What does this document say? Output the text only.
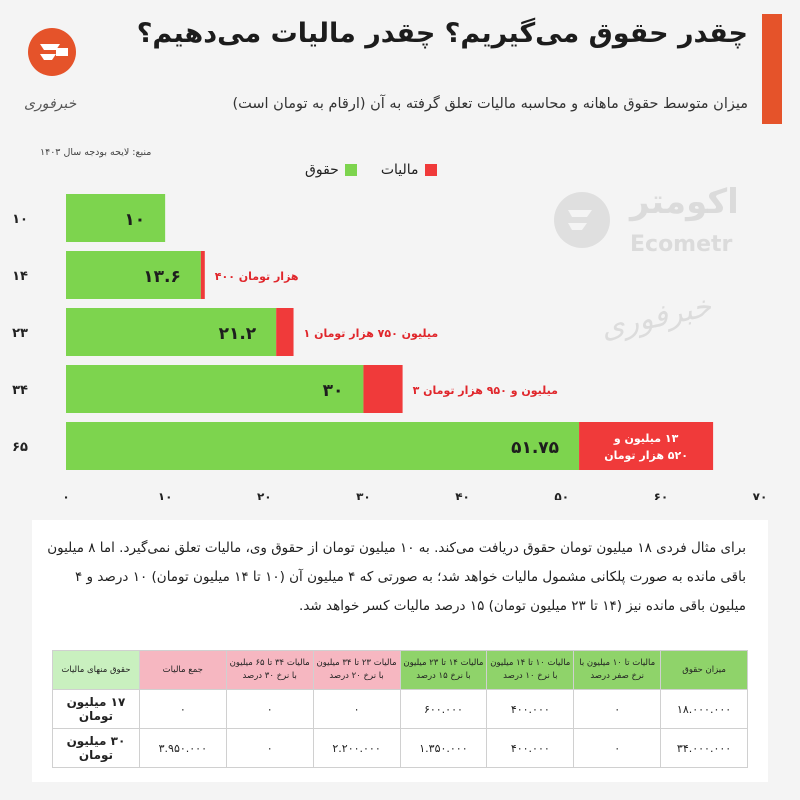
چقدر حقوق می‌گیریم؟ چقدر مالیات می‌دهیم؟
میزان متوسط حقوق ماهانه و محاسبه مالیات تعلق گرفته به آن (ارقام به تومان است)
خبرفوری
منبع: لایحه بودجه سال ۱۴۰۳
حقوق	مالیات
اکومتر
Ecometr
خبرفوری
۱۰	۱۰
۱۴	۱۳.۶	۴۰۰ هزار تومان
۲۳	۲۱.۲	۱ میلیون ۷۵۰ هزار تومان
۳۴	۳۰	۳ میلیون و ۹۵۰ هزار تومان
۶۵	۵۱.۷۵	۱۳ میلیون و
۵۲۰ هزار تومان
۰	۱۰	۲۰	۳۰	۴۰	۵۰	۶۰	۷۰
برای مثال فردی ۱۸ میلیون تومان حقوق دریافت می‌کند. به ۱۰ میلیون تومان از حقوق وی، مالیات تعلق نمی‌گیرد. اما ۸ میلیون باقی مانده به صورت پلکانی مشمول مالیات خواهد شد؛ به صورتی که ۴ میلیون آن (۱۰ تا ۱۴ میلیون تومان) ۱۰ درصد و ۴ میلیون باقی مانده نیز (۱۴ تا ۲۳ میلیون تومان) ۱۵ درصد مالیات کسر خواهد شد.
میزان حقوق	مالیات تا ۱۰ میلیون با نرخ صفر درصد	مالیات ۱۰ تا ۱۴ میلیون با نرخ ۱۰ درصد	مالیات ۱۴ تا ۲۳ میلیون با نرخ ۱۵ درصد	مالیات ۲۳ تا ۳۴ میلیون با نرخ ۲۰ درصد	مالیات ۳۴ تا ۶۵ میلیون با نرخ ۳۰ درصد	جمع مالیات	حقوق منهای مالیات
۱۸.۰۰۰.۰۰۰	۰	۴۰۰.۰۰۰	۶۰۰.۰۰۰	۰	۰	۰	۱۷ میلیون تومان
۳۴.۰۰۰.۰۰۰	۰	۴۰۰.۰۰۰	۱.۳۵۰.۰۰۰	۲.۲۰۰.۰۰۰	۰	۳.۹۵۰.۰۰۰	۳۰ میلیون تومان
